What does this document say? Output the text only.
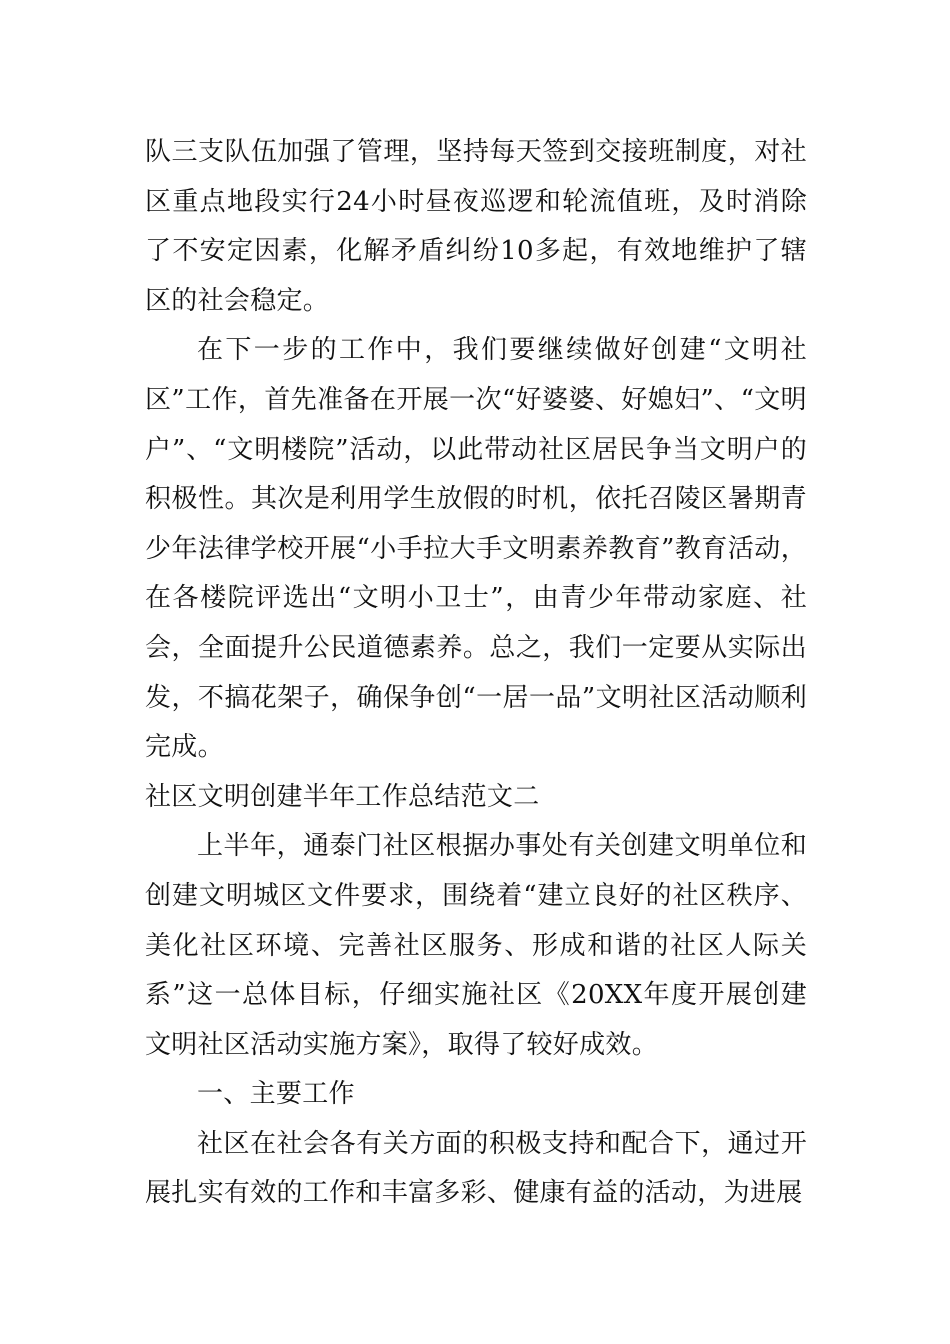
队三支队伍加强了管理，坚持每天签到交接班制度，对社区重点地段实行24小时昼夜巡逻和轮流值班，及时消除了不安定因素，化解矛盾纠纷10多起，有效地维护了辖区的社会稳定。

在下一步的工作中，我们要继续做好创建“文明社区”工作，首先准备在开展一次“好婆婆、好媳妇”、“文明户”、“文明楼院”活动，以此带动社区居民争当文明户的积极性。其次是利用学生放假的时机，依托召陵区暑期青少年法律学校开展“小手拉大手文明素养教育”教育活动，在各楼院评选出“文明小卫士”，由青少年带动家庭、社会，全面提升公民道德素养。总之，我们一定要从实际出发，不搞花架子，确保争创“一居一品”文明社区活动顺利完成。

社区文明创建半年工作总结范文二

上半年，通泰门社区根据办事处有关创建文明单位和创建文明城区文件要求，围绕着“建立良好的社区秩序、美化社区环境、完善社区服务、形成和谐的社区人际关系”这一总体目标，仔细实施社区《20XX年度开展创建文明社区活动实施方案》，取得了较好成效。

一、主要工作

社区在社会各有关方面的积极支持和配合下，通过开展扎实有效的工作和丰富多彩、健康有益的活动，为进展
